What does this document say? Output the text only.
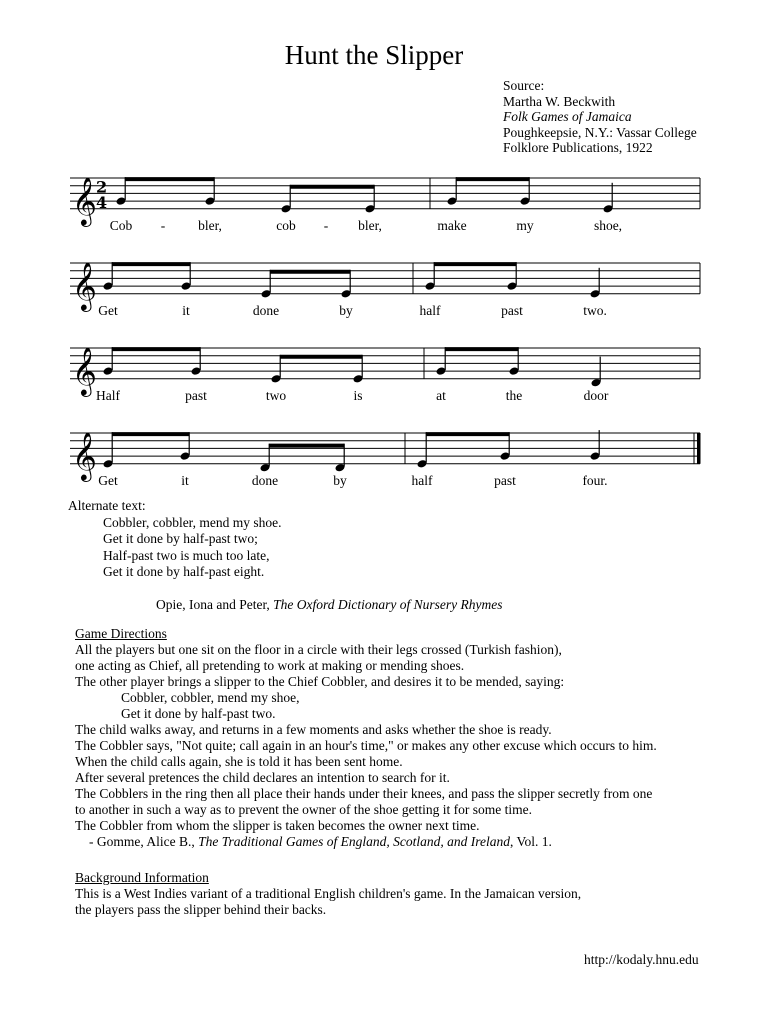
Hunt the Slipper
Source:
Martha W. Beckwith
Folk Games of Jamaica
Poughkeepsie, N.Y.: Vassar College
Folklore Publications, 1922
𝄞 2
4
𝄞
𝄞
𝄞
Cob - bler,	cob - bler,	make	my	shoe,
Get	it	done	by	half	past	two.
Half	past	two	is	at	the	door
Get	it	done	by	half	past	four.
Alternate text:
Cobbler, cobbler, mend my shoe.
Get it done by half-past two;
Half-past two is much too late,
Get it done by half-past eight.
Opie, Iona and Peter, The Oxford Dictionary of Nursery Rhymes
Game Directions
All the players but one sit on the floor in a circle with their legs crossed (Turkish fashion),
one acting as Chief, all pretending to work at making or mending shoes.
The other player brings a slipper to the Chief Cobbler, and desires it to be mended, saying:
Cobbler, cobbler, mend my shoe,
Get it done by half-past two.
The child walks away, and returns in a few moments and asks whether the shoe is ready.
The Cobbler says, "Not quite; call again in an hour's time," or makes any other excuse which occurs to him.
When the child calls again, she is told it has been sent home.
After several pretences the child declares an intention to search for it.
The Cobblers in the ring then all place their hands under their knees, and pass the slipper secretly from one
to another in such a way as to prevent the owner of the shoe getting it for some time.
The Cobbler from whom the slipper is taken becomes the owner next time.
- Gomme, Alice B., The Traditional Games of England, Scotland, and Ireland, Vol. 1.
Background Information
This is a West Indies variant of a traditional English children's game. In the Jamaican version,
the players pass the slipper behind their backs.
http://kodaly.hnu.edu
